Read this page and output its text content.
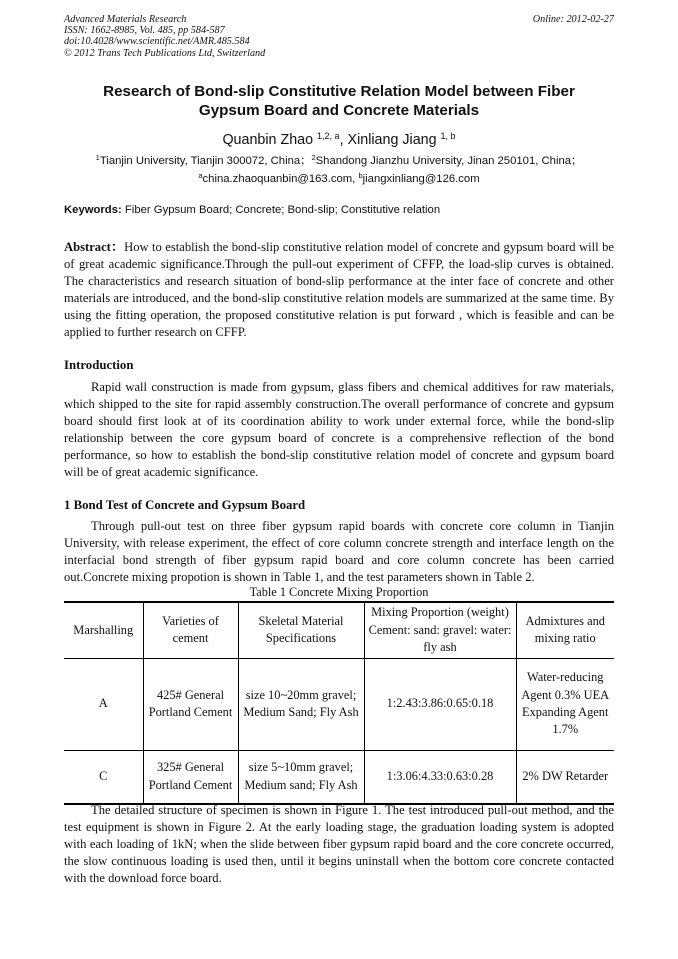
Advanced Materials Research
ISSN: 1662-8985, Vol. 485, pp 584-587
doi:10.4028/www.scientific.net/AMR.485.584
© 2012 Trans Tech Publications Ltd, Switzerland
Online: 2012-02-27
Research of Bond-slip Constitutive Relation Model between Fiber
Gypsum Board and Concrete Materials
Quanbin Zhao $^{1,2, a}$, Xinliang Jiang $^{1, b}$
$^1$Tianjin University, Tianjin 300072, China；$^2$Shandong Jianzhu University, Jinan 250101, China；
$^a$china.zhaoquanbin@163.com, $^b$jiangxinliang@126.com
Keywords: Fiber Gypsum Board; Concrete; Bond-slip; Constitutive relation
Abstract：How to establish the bond-slip constitutive relation model of concrete and gypsum board will be of great academic significance.Through the pull-out experiment of CFFP, the load-slip curves is obtained. The characteristics and research situation of bond-slip performance at the inter face of concrete and other materials are introduced, and the bond-slip constitutive relation models are summarized at the same time. By using the fitting operation, the proposed constitutive relation is put forward , which is feasible and can be applied to further research on CFFP.
Introduction
Rapid wall construction is made from gypsum, glass fibers and chemical additives for raw materials, which shipped to the site for rapid assembly construction.The overall performance of concrete and gypsum board should first look at of its coordination ability to work under external force, while the bond-slip relationship between the core gypsum board of concrete is a comprehensive reflection of the bond performance, so how to establish the bond-slip constitutive relation model of concrete and gypsum board will be of great academic significance.
1 Bond Test of Concrete and Gypsum Board
Through pull-out test on three fiber gypsum rapid boards with concrete core column in Tianjin University, with release experiment, the effect of core column concrete strength and interface length on the interfacial bond strength of fiber gypsum rapid board and core column concrete has been carried out.Concrete mixing propotion is shown in Table 1, and the test parameters shown in Table 2.
Table 1 Concrete Mixing Proportion
Marshalling	Varieties of cement	Skeletal Material Specifications	Mixing Proportion (weight) Cement: sand: gravel: water: fly ash	Admixtures and mixing ratio
A	425# General Portland Cement	size 10~20mm gravel; Medium Sand; Fly Ash	1:2.43:3.86:0.65:0.18	Water-reducing Agent 0.3% UEA Expanding Agent 1.7%
C	325# General Portland Cement	size 5~10mm gravel; Medium sand; Fly Ash	1:3.06:4.33:0.63:0.28	2% DW Retarder
The detailed structure of specimen is shown in Figure 1. The test introduced pull-out method, and the test equipment is shown in Figure 2. At the early loading stage, the graduation loading system is adopted with each loading of 1kN; when the slide between fiber gypsum rapid board and the core concrete occurred, the slow continuous loading is used then, until it begins uninstall when the bottom core concrete contacted with the download force board.
